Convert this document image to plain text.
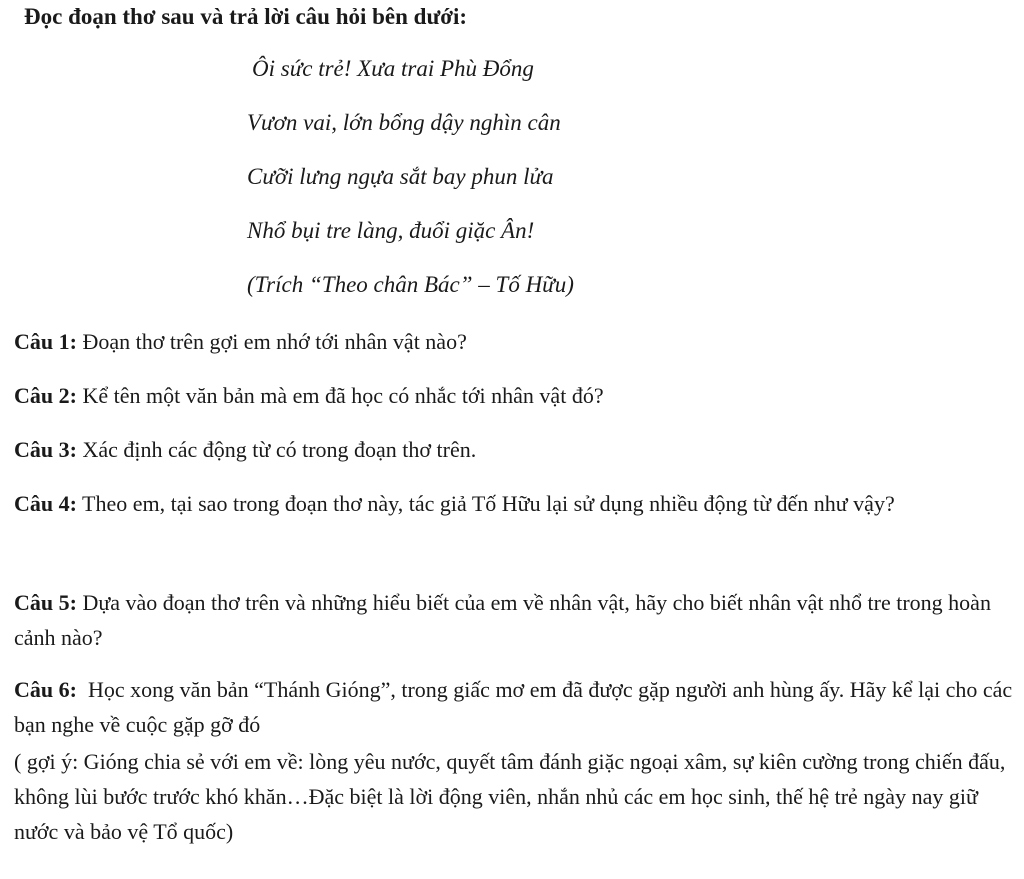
Đọc đoạn thơ sau và trả lời câu hỏi bên dưới:
Ôi sức trẻ! Xưa trai Phù Đổng
Vươn vai, lớn bổng dậy nghìn cân
Cưỡi lưng ngựa sắt bay phun lửa
Nhổ bụi tre làng, đuổi giặc Ân!
(Trích “Theo chân Bác” – Tố Hữu)
Câu 1: Đoạn thơ trên gợi em nhớ tới nhân vật nào?
Câu 2: Kể tên một văn bản mà em đã học có nhắc tới nhân vật đó?
Câu 3: Xác định các động từ có trong đoạn thơ trên.
Câu 4: Theo em, tại sao trong đoạn thơ này, tác giả Tố Hữu lại sử dụng nhiều động từ đến như vậy?
Câu 5: Dựa vào đoạn thơ trên và những hiểu biết của em về nhân vật, hãy cho biết nhân vật nhổ tre trong hoàn cảnh nào?
Câu 6:  Học xong văn bản “Thánh Gióng”, trong giấc mơ em đã được gặp người anh hùng ấy. Hãy kể lại cho các bạn nghe về cuộc gặp gỡ đó
( gợi ý: Gióng chia sẻ với em về: lòng yêu nước, quyết tâm đánh giặc ngoại xâm, sự kiên cường trong chiến đấu, không lùi bước trước khó khăn…Đặc biệt là lời động viên, nhắn nhủ các em học sinh, thế hệ trẻ ngày nay giữ nước và bảo vệ Tổ quốc)
